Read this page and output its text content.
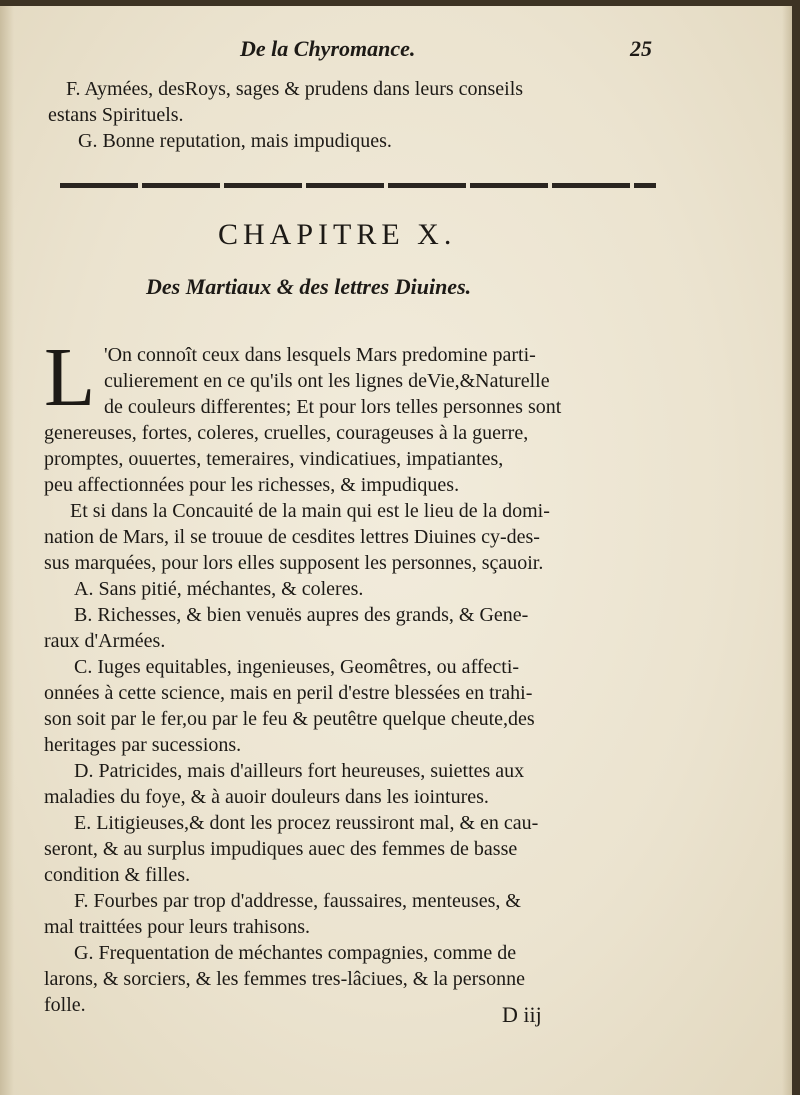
De la Chyromance.	25
F. Aymées, desRoys, sages & prudens dans leurs conseils
estans Spirituels.
G. Bonne reputation, mais impudiques.
CHAPITRE X.
Des Martiaux & des lettres Diuines.
L 'On connoît ceux dans lesquels Mars predomine parti-
culierement en ce qu'ils ont les lignes deVie,&Naturelle
de couleurs differentes; Et pour lors telles personnes sont
genereuses, fortes, coleres, cruelles, courageuses à la guerre,
promptes, ouuertes, temeraires, vindicatiues, impatiantes,
peu affectionnées pour les richesses, & impudiques.
Et si dans la Concauité de la main qui est le lieu de la domi-
nation de Mars, il se trouue de cesdites lettres Diuines cy-des-
sus marquées, pour lors elles supposent les personnes, sçauoir.
A. Sans pitié, méchantes, & coleres.
B. Richesses, & bien venuës aupres des grands, & Gene-
raux d'Armées.
C. Iuges equitables, ingenieuses, Geomêtres, ou affecti-
onnées à cette science, mais en peril d'estre blessées en trahi-
son soit par le fer,ou par le feu & peutêtre quelque cheute,des
heritages par sucessions.
D. Patricides, mais d'ailleurs fort heureuses, suiettes aux
maladies du foye, & à auoir douleurs dans les iointures.
E. Litigieuses,& dont les procez reussiront mal, & en cau-
seront, & au surplus impudiques auec des femmes de basse
condition & filles.
F. Fourbes par trop d'addresse, faussaires, menteuses, &
mal traittées pour leurs trahisons.
G. Frequentation de méchantes compagnies, comme de
larons, & sorciers, & les femmes tres-lâciues, & la personne
folle.	D iij
